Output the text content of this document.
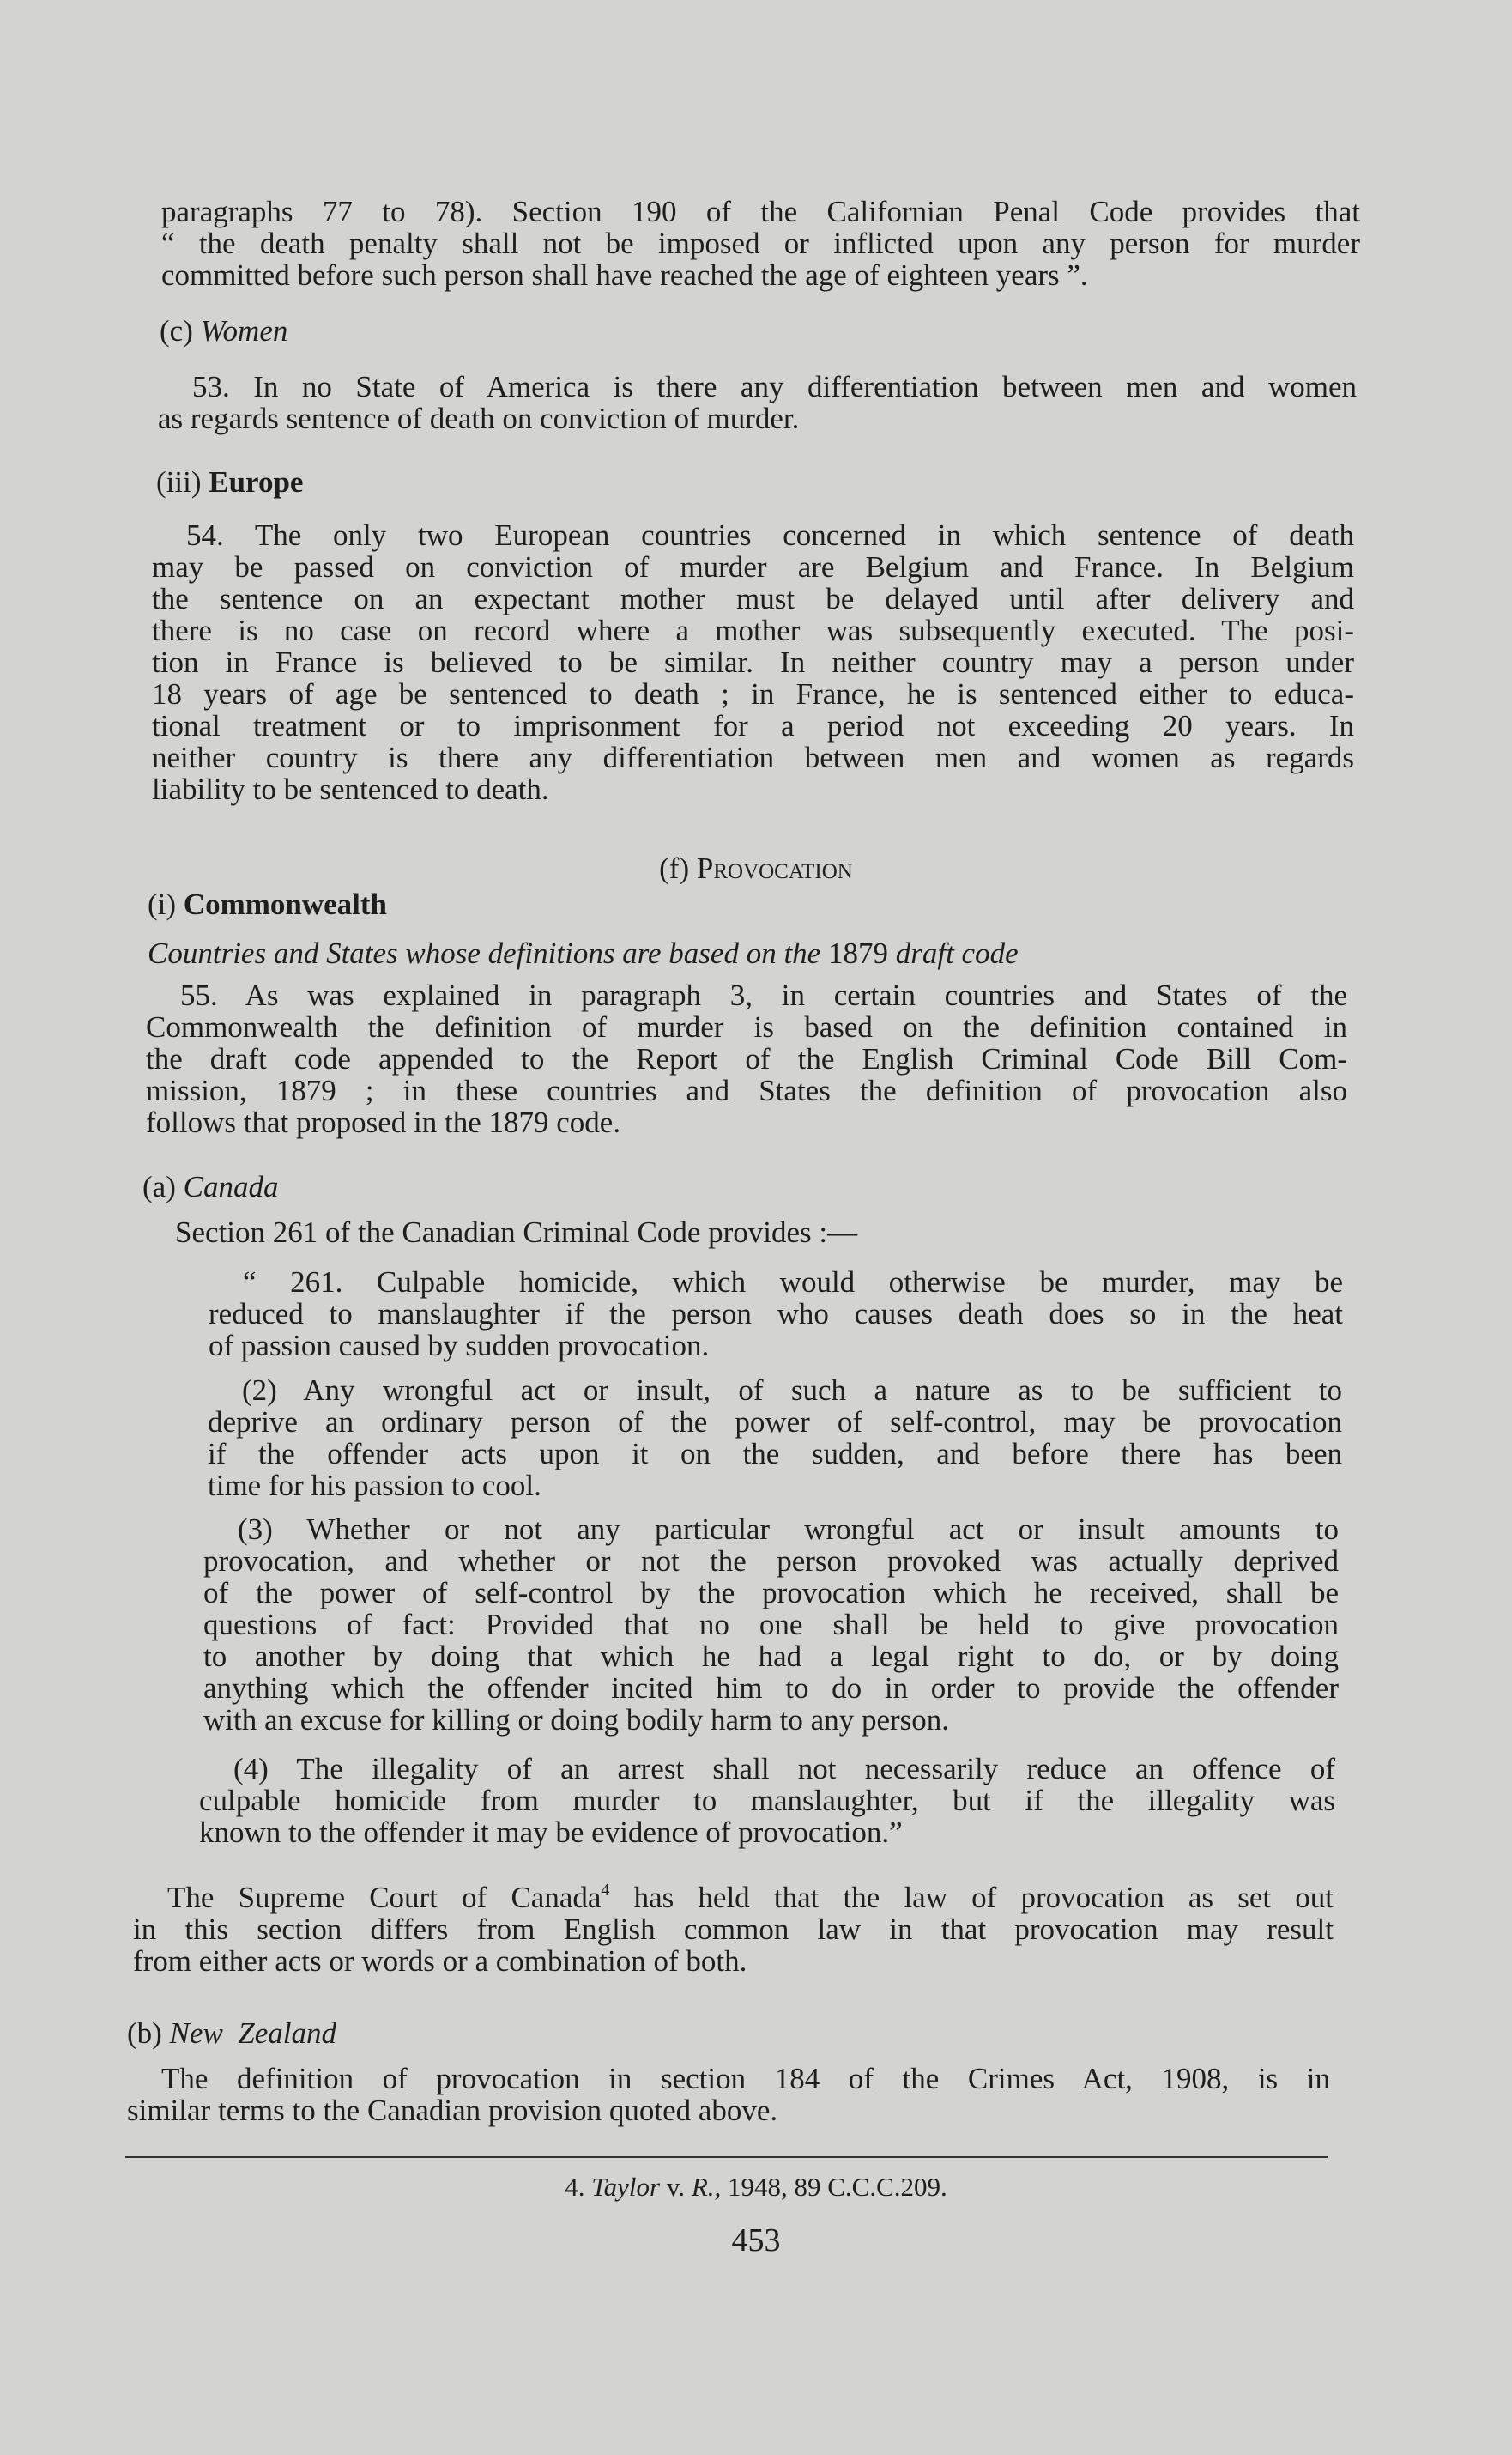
paragraphs 77 to 78). Section 190 of the Californian Penal Code provides that
“ the death penalty shall not be imposed or inflicted upon any person for murder
committed before such person shall have reached the age of eighteen years ”.
(c) Women
53. In no State of America is there any differentiation between men and women
as regards sentence of death on conviction of murder.
(iii) Europe
54. The only two European countries concerned in which sentence of death
may be passed on conviction of murder are Belgium and France. In Belgium
the sentence on an expectant mother must be delayed until after delivery and
there is no case on record where a mother was subsequently executed. The posi-
tion in France is believed to be similar. In neither country may a person under
18 years of age be sentenced to death ; in France, he is sentenced either to educa-
tional treatment or to imprisonment for a period not exceeding 20 years. In
neither country is there any differentiation between men and women as regards
liability to be sentenced to death.
(f) Provocation
(i) Commonwealth
Countries and States whose definitions are based on the 1879 draft code
55. As was explained in paragraph 3, in certain countries and States of the
Commonwealth the definition of murder is based on the definition contained in
the draft code appended to the Report of the English Criminal Code Bill Com-
mission, 1879 ; in these countries and States the definition of provocation also
follows that proposed in the 1879 code.
(a) Canada
Section 261 of the Canadian Criminal Code provides :—
“ 261. Culpable homicide, which would otherwise be murder, may be
reduced to manslaughter if the person who causes death does so in the heat
of passion caused by sudden provocation.
(2) Any wrongful act or insult, of such a nature as to be sufficient to
deprive an ordinary person of the power of self-control, may be provocation
if the offender acts upon it on the sudden, and before there has been
time for his passion to cool.
(3) Whether or not any particular wrongful act or insult amounts to
provocation, and whether or not the person provoked was actually deprived
of the power of self-control by the provocation which he received, shall be
questions of fact: Provided that no one shall be held to give provocation
to another by doing that which he had a legal right to do, or by doing
anything which the offender incited him to do in order to provide the offender
with an excuse for killing or doing bodily harm to any person.
(4) The illegality of an arrest shall not necessarily reduce an offence of
culpable homicide from murder to manslaughter, but if the illegality was
known to the offender it may be evidence of provocation.”
The Supreme Court of Canada$^4$ has held that the law of provocation as set out
in this section differs from English common law in that provocation may result
from either acts or words or a combination of both.
(b) New  Zealand
The definition of provocation in section 184 of the Crimes Act, 1908, is in
similar terms to the Canadian provision quoted above.
4. Taylor v. R., 1948, 89 C.C.C.209.
453
